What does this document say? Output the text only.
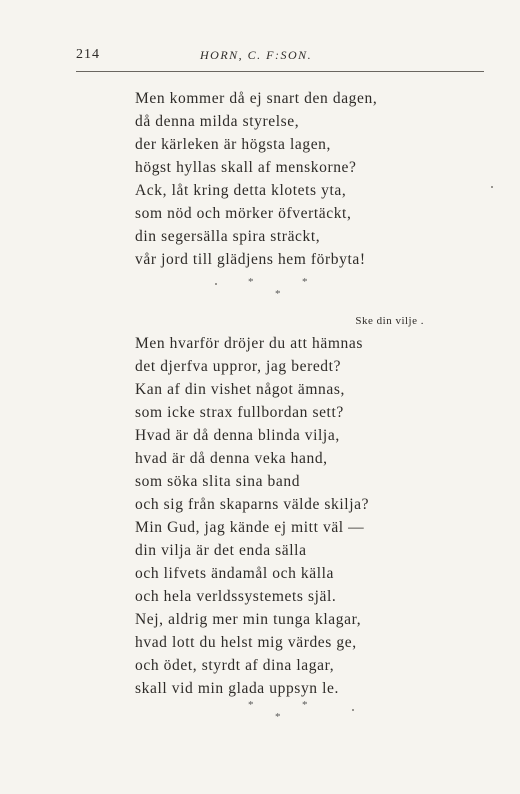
214	HORN, C. F:SON.
Men kommer då ej snart den dagen,
då denna milda styrelse,
der kärleken är högsta lagen,
högst hyllas skall af menskorne?
Ack, låt kring detta klotets yta,
som nöd och mörker öfvertäckt,
din segersälla spira sträckt,
vår jord till glädjens hem förbyta!
*	*
*
Ske din vilje .
Men hvarför dröjer du att hämnas
det djerfva uppror, jag beredt?
Kan af din vishet något ämnas,
som icke strax fullbordan sett?
Hvad är då denna blinda vilja,
hvad är då denna veka hand,
som söka slita sina band
och sig från skaparns välde skilja?
Min Gud, jag kände ej mitt väl —
din vilja är det enda sälla
och lifvets ändamål och källa
och hela verldssystemets själ.
Nej, aldrig mer min tunga klagar,
hvad lott du helst mig värdes ge,
och ödet, styrdt af dina lagar,
skall vid min glada uppsyn le.
*	*
*
